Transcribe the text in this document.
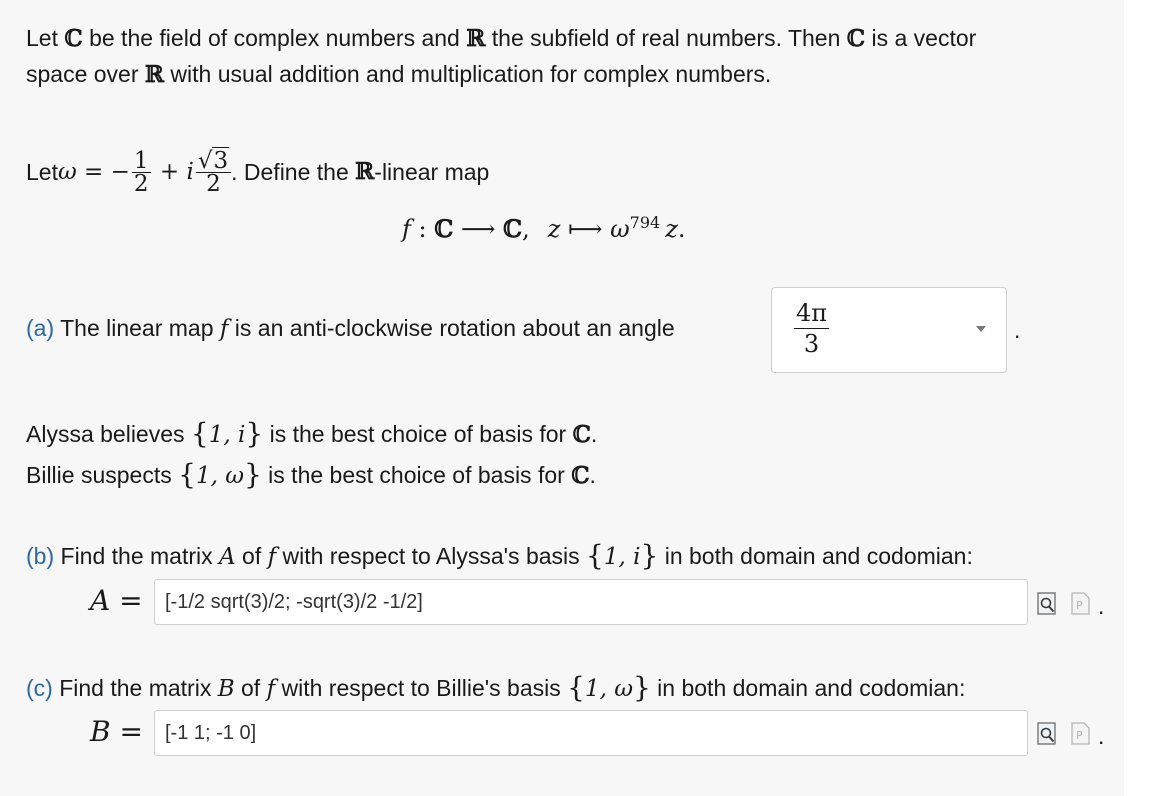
Let ℂ be the field of complex numbers and ℝ the subfield of real numbers. Then ℂ is a vector
space over ℝ with usual addition and multiplication for complex numbers.
Let ω = − $\frac{1}{2} + i \frac{√3}{2}$ . Define the ℝ -linear map
f : ℂ ⟶ ℂ, z ⟼ $\omega^{794}$ z.
(a) The linear map f is an anti-clockwise rotation about an angle	$\frac{4\pi}{3}$	.
Alyssa believes {1, i} is the best choice of basis for ℂ.
Billie suspects {1, ω} is the best choice of basis for ℂ.
(b) Find the matrix A of f with respect to Alyssa's basis {1, i} in both domain and codomian:
A =	[-1/2 sqrt(3)/2; -sqrt(3)/2 -1/2]	P .
(c) Find the matrix B of f with respect to Billie's basis {1, ω} in both domain and codomian:
B =	[-1 1; -1 0]	P .
